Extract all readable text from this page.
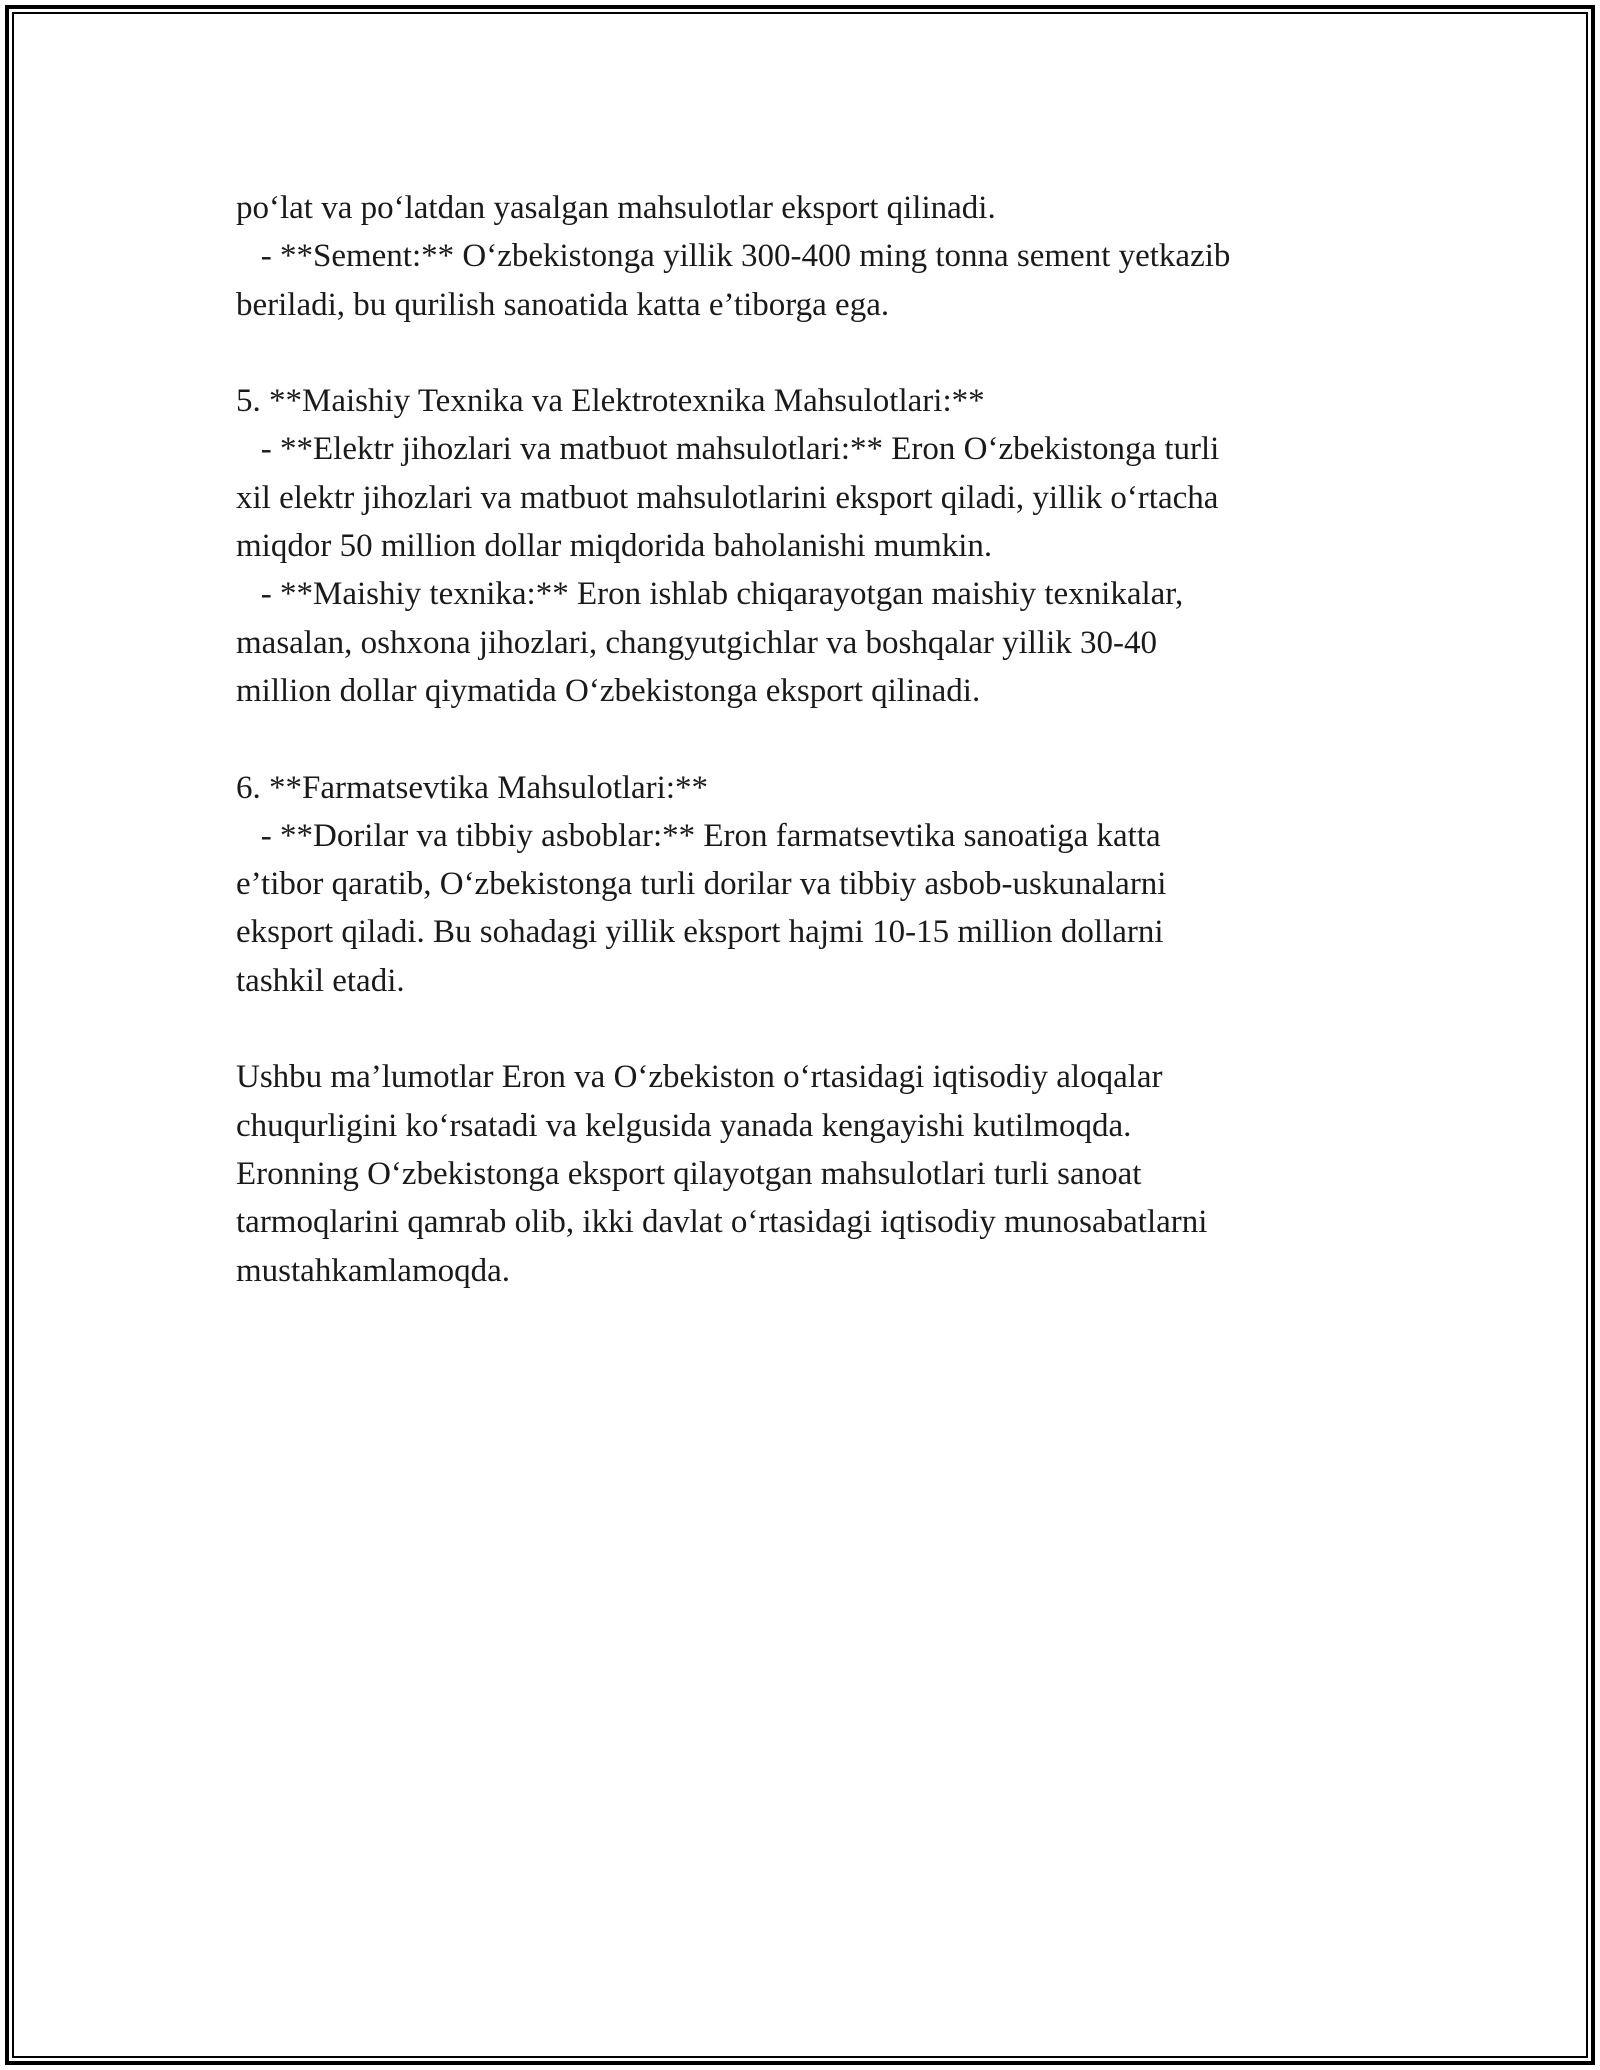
po‘lat va po‘latdan yasalgan mahsulotlar eksport qilinadi.
- **Sement:** O‘zbekistonga yillik 300-400 ming tonna sement yetkazib
beriladi, bu qurilish sanoatida katta e’tiborga ega.
5. **Maishiy Texnika va Elektrotexnika Mahsulotlari:**
- **Elektr jihozlari va matbuot mahsulotlari:** Eron O‘zbekistonga turli
xil elektr jihozlari va matbuot mahsulotlarini eksport qiladi, yillik o‘rtacha
miqdor 50 million dollar miqdorida baholanishi mumkin.
- **Maishiy texnika:** Eron ishlab chiqarayotgan maishiy texnikalar,
masalan, oshxona jihozlari, changyutgichlar va boshqalar yillik 30-40
million dollar qiymatida O‘zbekistonga eksport qilinadi.
6. **Farmatsevtika Mahsulotlari:**
- **Dorilar va tibbiy asboblar:** Eron farmatsevtika sanoatiga katta
e’tibor qaratib, O‘zbekistonga turli dorilar va tibbiy asbob-uskunalarni
eksport qiladi. Bu sohadagi yillik eksport hajmi 10-15 million dollarni
tashkil etadi.
Ushbu ma’lumotlar Eron va O‘zbekiston o‘rtasidagi iqtisodiy aloqalar
chuqurligini ko‘rsatadi va kelgusida yanada kengayishi kutilmoqda.
Eronning O‘zbekistonga eksport qilayotgan mahsulotlari turli sanoat
tarmoqlarini qamrab olib, ikki davlat o‘rtasidagi iqtisodiy munosabatlarni
mustahkamlamoqda.
